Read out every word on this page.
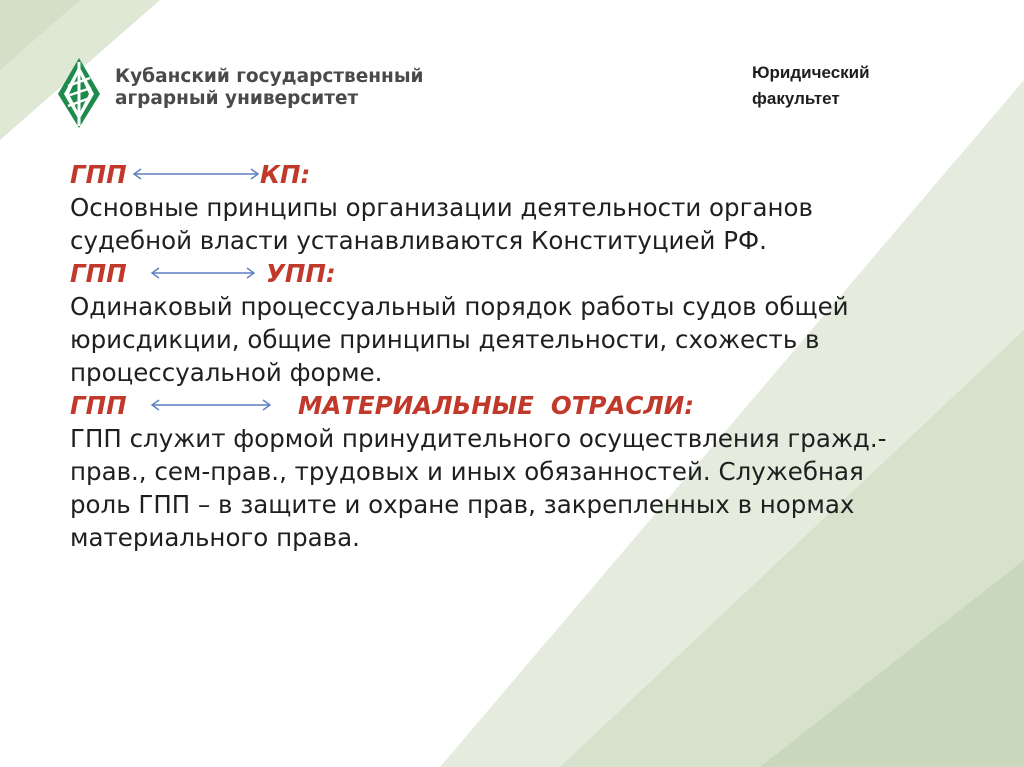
Кубанский государственный
аграрный университет
Юридический
факультет
ГПП	КП:
Основные принципы организации деятельности органов
судебной власти устанавливаются Конституцией РФ.
ГПП	УПП:
Одинаковый процессуальный порядок работы судов общей
юрисдикции, общие принципы деятельности, схожесть в
процессуальной форме.
ГПП	МАТЕРИАЛЬНЫЕ  ОТРАСЛИ:
ГПП служит формой принудительного осуществления гражд.-
прав., сем-прав., трудовых и иных обязанностей. Служебная
роль ГПП – в защите и охране прав, закрепленных в нормах
материального права.
